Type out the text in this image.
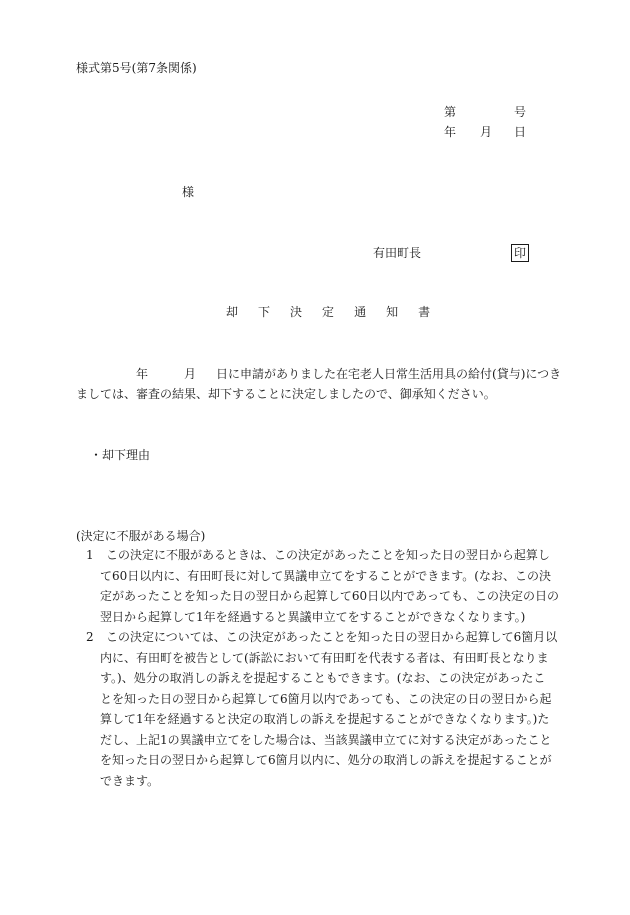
様式第5号(第7条関係)
第	号
年 月 日
様
有田町長	印
却 下 決 定 通 知 書
年	月 日に申請がありました在宅老人日常生活用具の給付(貸与)につき
ましては、審査の結果、却下することに決定しましたので、御承知ください。
・却下理由
(決定に不服がある場合)
1 この決定に不服があるときは、この決定があったことを知った日の翌日から起算し
て60日以内に、有田町長に対して異議申立てをすることができます。(なお、この決
定があったことを知った日の翌日から起算して60日以内であっても、この決定の日の
翌日から起算して1年を経過すると異議申立てをすることができなくなります。)
2 この決定については、この決定があったことを知った日の翌日から起算して6箇月以
内に、有田町を被告として(訴訟において有田町を代表する者は、有田町長となりま
す。)、処分の取消しの訴えを提起することもできます。(なお、この決定があったこ
とを知った日の翌日から起算して6箇月以内であっても、この決定の日の翌日から起
算して1年を経過すると決定の取消しの訴えを提起することができなくなります。)た
だし、上記1の異議申立てをした場合は、当該異議申立てに対する決定があったこと
を知った日の翌日から起算して6箇月以内に、処分の取消しの訴えを提起することが
できます。
